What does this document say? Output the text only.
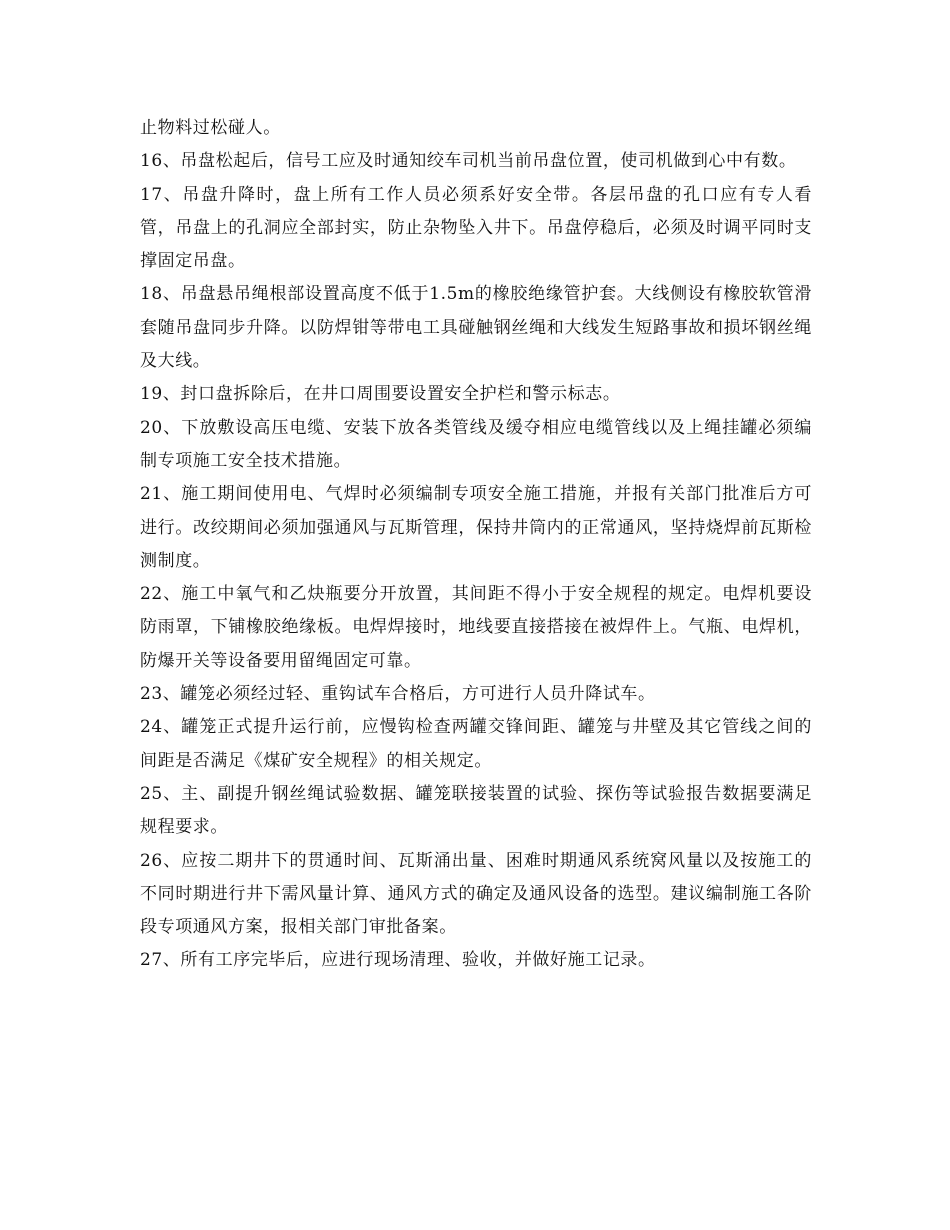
止物料过松碰人。

16、吊盘松起后，信号工应及时通知绞车司机当前吊盘位置，使司机做到心中有数。

17、吊盘升降时，盘上所有工作人员必须系好安全带。各层吊盘的孔口应有专人看管，吊盘上的孔洞应全部封实，防止杂物坠入井下。吊盘停稳后，必须及时调平同时支撑固定吊盘。

18、吊盘悬吊绳根部设置高度不低于1.5m的橡胶绝缘管护套。大线侧设有橡胶软管滑套随吊盘同步升降。以防焊钳等带电工具碰触钢丝绳和大线发生短路事故和损坏钢丝绳及大线。

19、封口盘拆除后，在井口周围要设置安全护栏和警示标志。

20、下放敷设高压电缆、安装下放各类管线及缓夺相应电缆管线以及上绳挂罐必须编制专项施工安全技术措施。

21、施工期间使用电、气焊时必须编制专项安全施工措施，并报有关部门批准后方可进行。改绞期间必须加强通风与瓦斯管理，保持井筒内的正常通风，坚持烧焊前瓦斯检测制度。

22、施工中氧气和乙炔瓶要分开放置，其间距不得小于安全规程的规定。电焊机要设防雨罩，下铺橡胶绝缘板。电焊焊接时，地线要直接搭接在被焊件上。气瓶、电焊机，防爆开关等设备要用留绳固定可靠。

23、罐笼必须经过轻、重钩试车合格后，方可进行人员升降试车。

24、罐笼正式提升运行前，应慢钩检查两罐交锋间距、罐笼与井壁及其它管线之间的间距是否满足《煤矿安全规程》的相关规定。

25、主、副提升钢丝绳试验数据、罐笼联接装置的试验、探伤等试验报告数据要满足规程要求。

26、应按二期井下的贯通时间、瓦斯涌出量、困难时期通风系统窝风量以及按施工的不同时期进行井下需风量计算、通风方式的确定及通风设备的选型。建议编制施工各阶段专项通风方案，报相关部门审批备案。

27、所有工序完毕后，应进行现场清理、验收，并做好施工记录。
